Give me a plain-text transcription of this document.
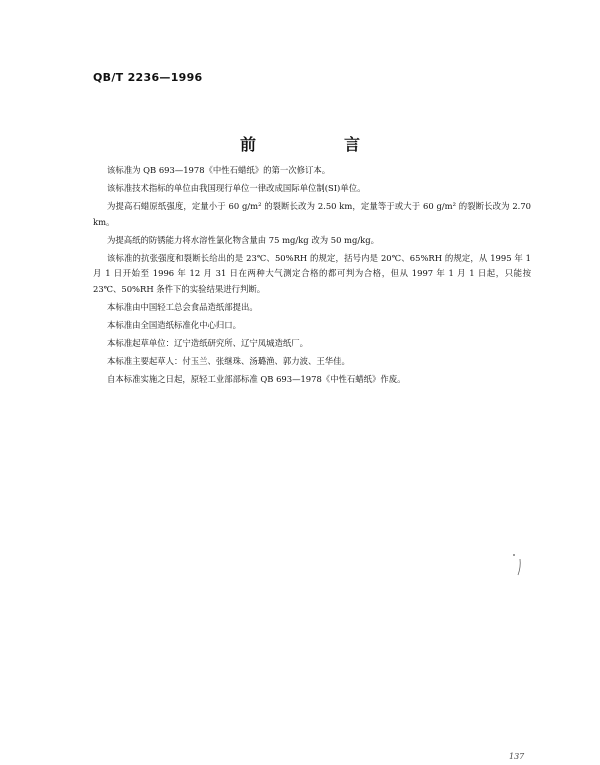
QB/T 2236—1996
前　言

该标准为 QB 693—1978《中性石蜡纸》的第一次修订本。

该标准技术指标的单位由我国现行单位一律改成国际单位制(SI)单位。

为提高石蜡原纸强度，定量小于 60 g/m² 的裂断长改为 2.50 km，定量等于或大于 60 g/m² 的裂断长改为 2.70 km。

为提高纸的防锈能力将水溶性氯化物含量由 75 mg/kg 改为 50 mg/kg。

该标准的抗张强度和裂断长给出的是 23℃、50%RH 的规定，括号内是 20℃、65%RH 的规定，从 1995 年 1 月 1 日开始至 1996 年 12 月 31 日在两种大气测定合格的都可判为合格，但从 1997 年 1 月 1 日起，只能按 23℃、50%RH 条件下的实验结果进行判断。

本标准由中国轻工总会食品造纸部提出。

本标准由全国造纸标准化中心归口。

本标准起草单位：辽宁造纸研究所、辽宁凤城造纸厂。

本标准主要起草人：付玉兰、张继珠、汤璐渔、郭力波、王华佳。

自本标准实施之日起，原轻工业部部标准 QB 693—1978《中性石蜡纸》作废。

137
